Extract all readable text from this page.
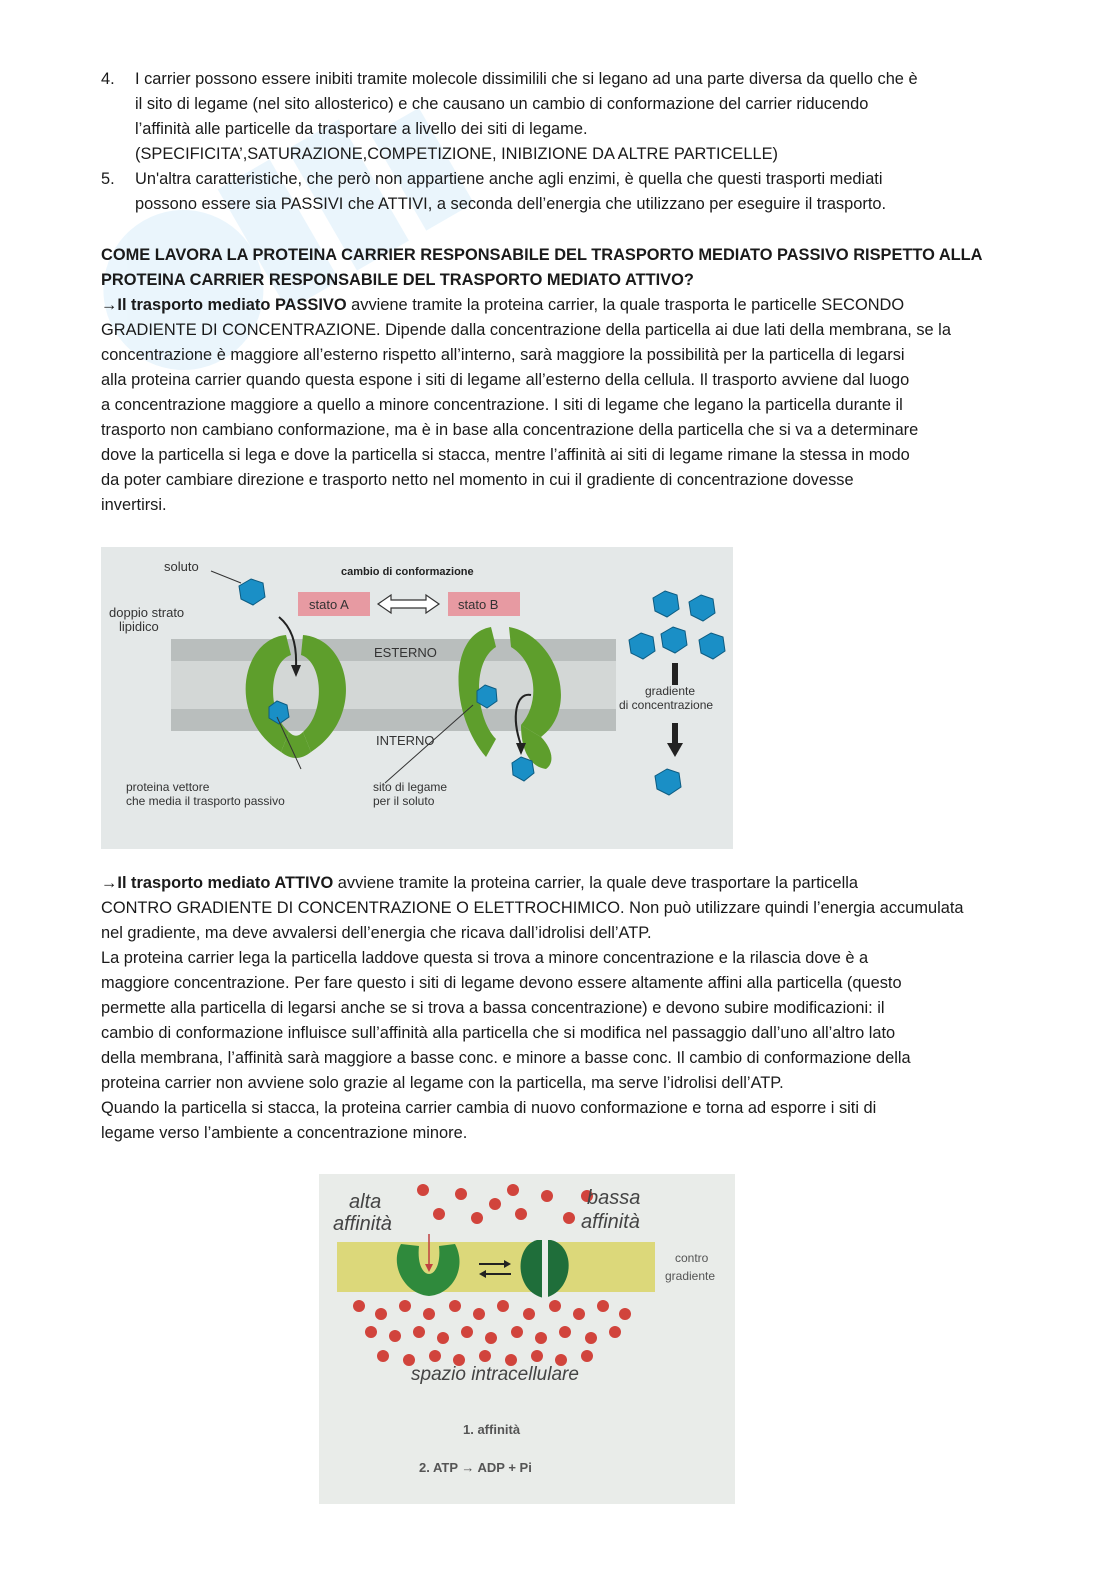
4. I carrier possono essere inibiti tramite molecole dissimilili che si legano ad una parte diversa da quello che è
il sito di legame (nel sito allosterico) e che causano un cambio di conformazione del carrier riducendo
l’affinità alle particelle da trasportare a livello dei siti di legame.
(SPECIFICITA’,SATURAZIONE,COMPETIZIONE, INIBIZIONE DA ALTRE PARTICELLE)
5. Un'altra caratteristiche, che però non appartiene anche agli enzimi, è quella che questi trasporti mediati
possono essere sia PASSIVI che ATTIVI, a seconda dell’energia che utilizzano per eseguire il trasporto.

COME LAVORA LA PROTEINA CARRIER RESPONSABILE DEL TRASPORTO MEDIATO PASSIVO RISPETTO ALLA
PROTEINA CARRIER RESPONSABILE DEL TRASPORTO MEDIATO ATTIVO?

→Il trasporto mediato PASSIVO avviene tramite la proteina carrier, la quale trasporta le particelle SECONDO
GRADIENTE DI CONCENTRAZIONE. Dipende dalla concentrazione della particella ai due lati della membrana, se la
concentrazione è maggiore all’esterno rispetto all’interno, sarà maggiore la possibilità per la particella di legarsi
alla proteina carrier quando questa espone i siti di legame all’esterno della cellula. Il trasporto avviene dal luogo
a concentrazione maggiore a quello a minore concentrazione. I siti di legame che legano la particella durante il
trasporto non cambiano conformazione, ma è in base alla concentrazione della particella che si va a determinare
dove la particella si lega e dove la particella si stacca, mentre l’affinità ai siti di legame rimane la stessa in modo
da poter cambiare direzione e trasporto netto nel momento in cui il gradiente di concentrazione dovesse
invertirsi.

soluto	cambio di conformazione
doppio strato
lipidico
stato A	stato B
ESTERNO
INTERNO
gradiente
di concentrazione
proteina vettore
che media il trasporto passivo
sito di legame
per il soluto

→Il trasporto mediato ATTIVO avviene tramite la proteina carrier, la quale deve trasportare la particella
CONTRO GRADIENTE DI CONCENTRAZIONE O ELETTROCHIMICO. Non può utilizzare quindi l’energia accumulata
nel gradiente, ma deve avvalersi dell’energia che ricava dall’idrolisi dell’ATP.
La proteina carrier lega la particella laddove questa si trova a minore concentrazione e la rilascia dove è a
maggiore concentrazione. Per fare questo i siti di legame devono essere altamente affini alla particella (questo
permette alla particella di legarsi anche se si trova a bassa concentrazione) e devono subire modificazioni: il
cambio di conformazione influisce sull’affinità alla particella che si modifica nel passaggio dall’uno all’altro lato
della membrana, l’affinità sarà maggiore a basse conc. e minore a basse conc. Il cambio di conformazione della
proteina carrier non avviene solo grazie al legame con la particella, ma serve l’idrolisi dell’ATP.
Quando la particella si stacca, la proteina carrier cambia di nuovo conformazione e torna ad esporre i siti di
legame verso l’ambiente a concentrazione minore.

alta
affinità
bassa
affinità
contro
gradiente
spazio intracellulare
1. affinità
2. ATP → ADP + Pi
